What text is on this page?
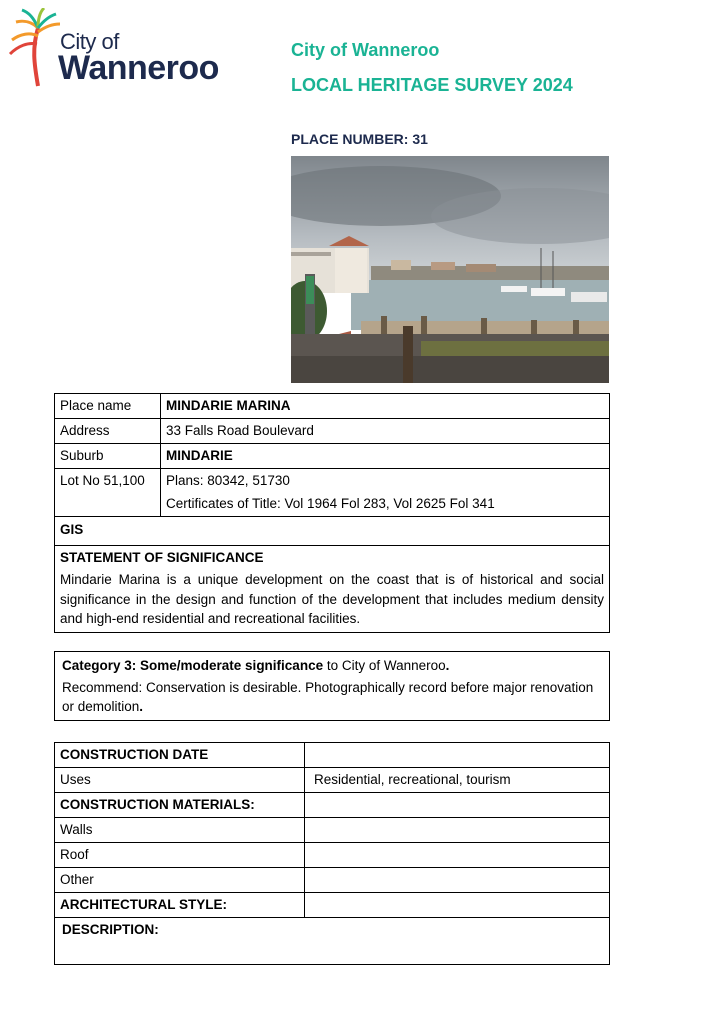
City of
Wanneroo	City of Wanneroo
LOCAL HERITAGE SURVEY 2024
PLACE NUMBER: 31
Place name	MINDARIE MARINA
Address	33 Falls Road Boulevard
Suburb	MINDARIE
Lot No 51,100	Plans: 80342, 51730
Certificates of Title: Vol 1964 Fol 283, Vol 2625 Fol 341

GIS	

STATEMENT OF SIGNIFICANCE
Mindarie Marina is a unique development on the coast that is of historical and social significance in the design and function of the development that includes medium density and high-end residential and recreational facilities.	
Category 3: Some/moderate significance to City of Wanneroo.
Recommend: Conservation is desirable. Photographically record before major renovation or demolition.
CONSTRUCTION DATE	
Uses	Residential, recreational, tourism
CONSTRUCTION MATERIALS:	
Walls	
Roof	
Other	
ARCHITECTURAL STYLE:	
DESCRIPTION:	
